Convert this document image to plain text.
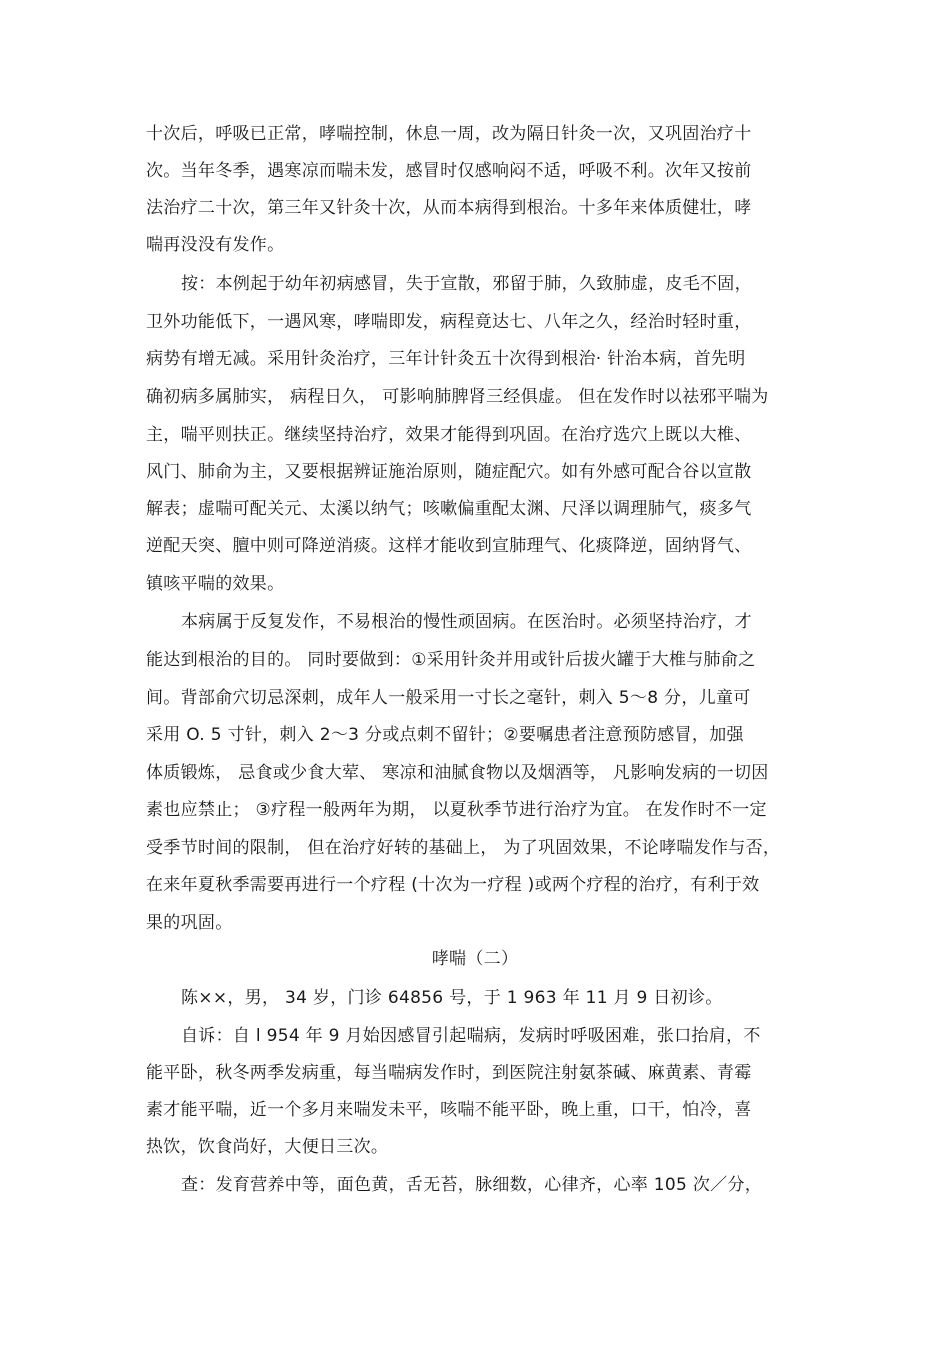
十次后，呼吸已正常，哮喘控制，休息一周，改为隔日针灸一次，又巩固治疗十
次。当年冬季，遇寒凉而喘未发，感冒时仅感响闷不适，呼吸不利。次年又按前
法治疗二十次，第三年又针灸十次，从而本病得到根治。十多年来体质健壮，哮
喘再没没有发作。
按：本例起于幼年初病感冒，失于宣散，邪留于肺，久致肺虚，皮毛不固，
卫外功能低下，一遇风寒，哮喘即发，病程竟达七、八年之久，经治时轻时重，
病势有增无减。采用针灸治疗，三年计针灸五十次得到根治· 针治本病，首先明
确初病多属肺实， 病程日久， 可影响肺脾肾三经俱虚。 但在发作时以祛邪平喘为
主，喘平则扶正。继续坚持治疗，效果才能得到巩固。在治疗选穴上既以大椎、
风门、肺俞为主，又要根据辨证施治原则，随症配穴。如有外感可配合谷以宣散
解表；虚喘可配关元、太溪以纳气；咳嗽偏重配太渊、尺泽以调理肺气，痰多气
逆配天突、膻中则可降逆消痰。这样才能收到宣肺理气、化痰降逆，固纳肾气、
镇咳平喘的效果。
本病属于反复发作，不易根治的慢性顽固病。在医治时。必须坚持治疗，才
能达到根治的目的。 同时要做到：①采用针灸并用或针后拔火罐于大椎与肺俞之
间。背部俞穴切忌深刺，成年人一般采用一寸长之毫针，刺入 5～8 分，儿童可
采用 O. 5 寸针，刺入 2～3 分或点刺不留针；②要嘱患者注意预防感冒，加强
体质锻炼， 忌食或少食大荤、 寒凉和油腻食物以及烟酒等， 凡影响发病的一切因
素也应禁止； ③疗程一般两年为期， 以夏秋季节进行治疗为宜。 在发作时不一定
受季节时间的限制， 但在治疗好转的基础上， 为了巩固效果，不论哮喘发作与否，
在来年夏秋季需要再进行一个疗程 (十次为一疗程 )或两个疗程的治疗，有利于效
果的巩固。
哮喘（二）
陈××，男， 34 岁，门诊 64856 号，于 1 963 年 11 月 9 日初诊。
自诉：自 l 954 年 9 月始因感冒引起喘病，发病时呼吸困难，张口抬肩，不
能平卧，秋冬两季发病重，每当喘病发作时，到医院注射氨茶碱、麻黄素、青霉
素才能平喘，近一个多月来喘发未平，咳喘不能平卧，晚上重，口干，怕冷，喜
热饮，饮食尚好，大便日三次。
查：发育营养中等，面色黄，舌无苔，脉细数，心律齐，心率 105 次／分，
